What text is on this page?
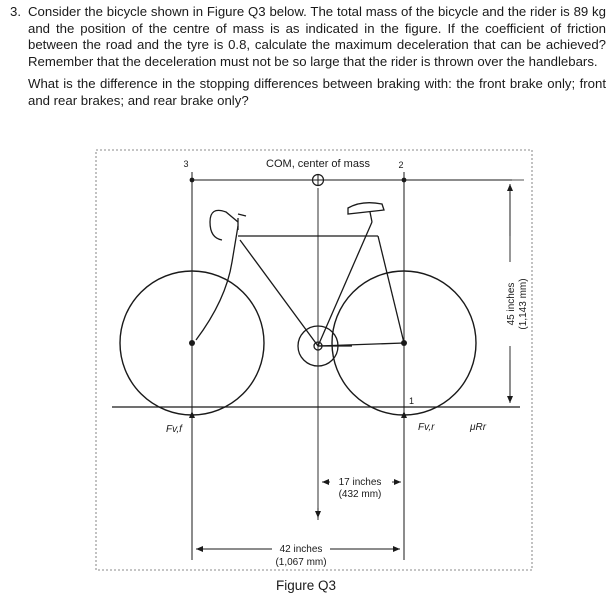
3. Consider the bicycle shown in Figure Q3 below. The total mass of the bicycle and the rider is 89 kg and the position of the centre of mass is as indicated in the figure. If the coefficient of friction between the road and the tyre is 0.8, calculate the maximum deceleration that can be achieved? Remember that the deceleration must not be so large that the rider is thrown over the handlebars.
What is the difference in the stopping differences between braking with: the front brake only; front and rear brakes; and rear brake only?
COM, center of mass
3	2
1
Fv,f	Fv,r	μRr
45 inches (1,143 mm)
17 inches
(432 mm)
42 inches
(1,067 mm)
Figure Q3
